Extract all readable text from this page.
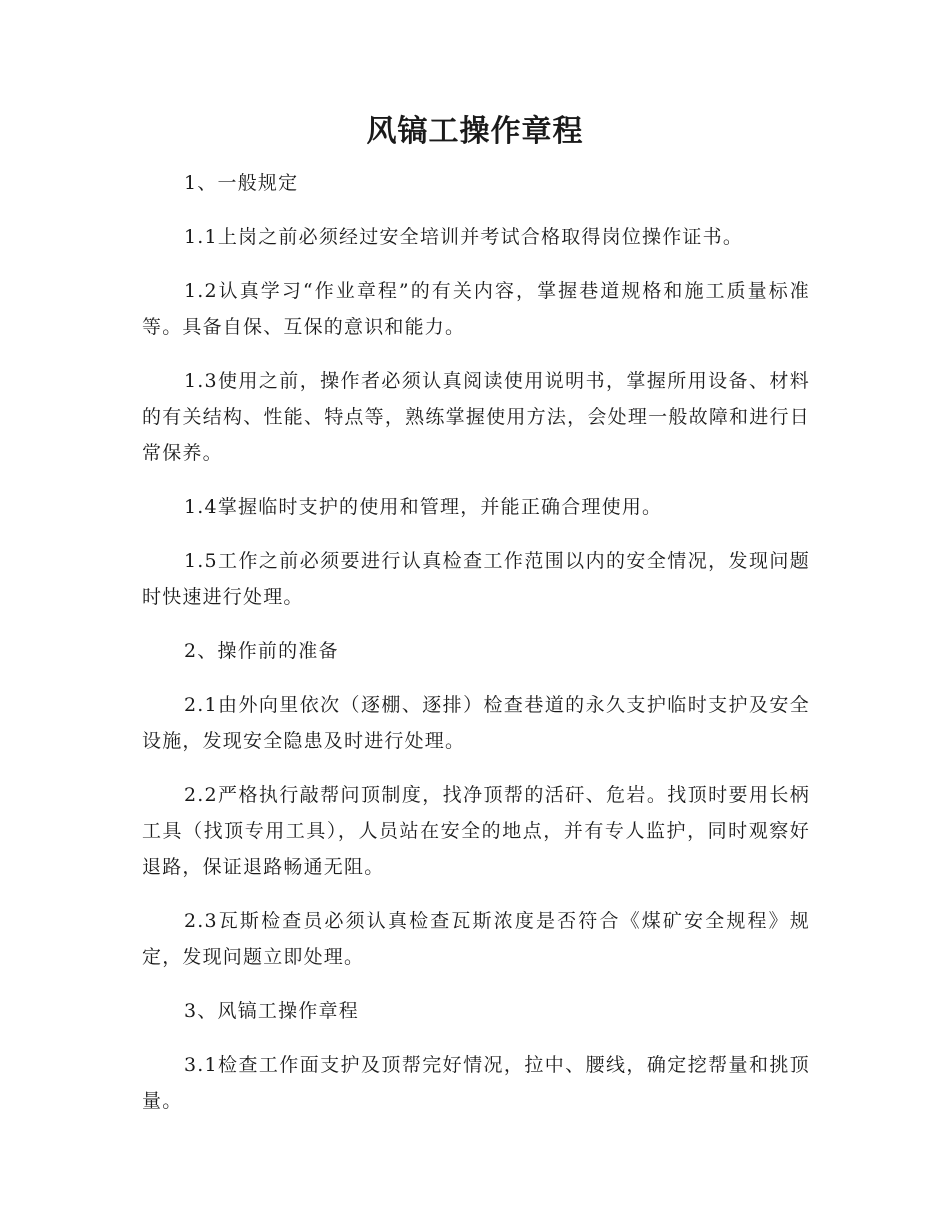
风镐工操作章程

1、一般规定

1.1上岗之前必须经过安全培训并考试合格取得岗位操作证书。

1.2认真学习“作业章程”的有关内容，掌握巷道规格和施工质量标准等。具备自保、互保的意识和能力。

1.3使用之前，操作者必须认真阅读使用说明书，掌握所用设备、材料的有关结构、性能、特点等，熟练掌握使用方法，会处理一般故障和进行日常保养。

1.4掌握临时支护的使用和管理，并能正确合理使用。

1.5工作之前必须要进行认真检查工作范围以内的安全情况，发现问题时快速进行处理。

2、操作前的准备

2.1由外向里依次（逐棚、逐排）检查巷道的永久支护临时支护及安全设施，发现安全隐患及时进行处理。

2.2严格执行敲帮问顶制度，找净顶帮的活矸、危岩。找顶时要用长柄工具（找顶专用工具），人员站在安全的地点，并有专人监护，同时观察好退路，保证退路畅通无阻。

2.3瓦斯检查员必须认真检查瓦斯浓度是否符合《煤矿安全规程》规定，发现问题立即处理。

3、风镐工操作章程

3.1检查工作面支护及顶帮完好情况，拉中、腰线，确定挖帮量和挑顶量。
